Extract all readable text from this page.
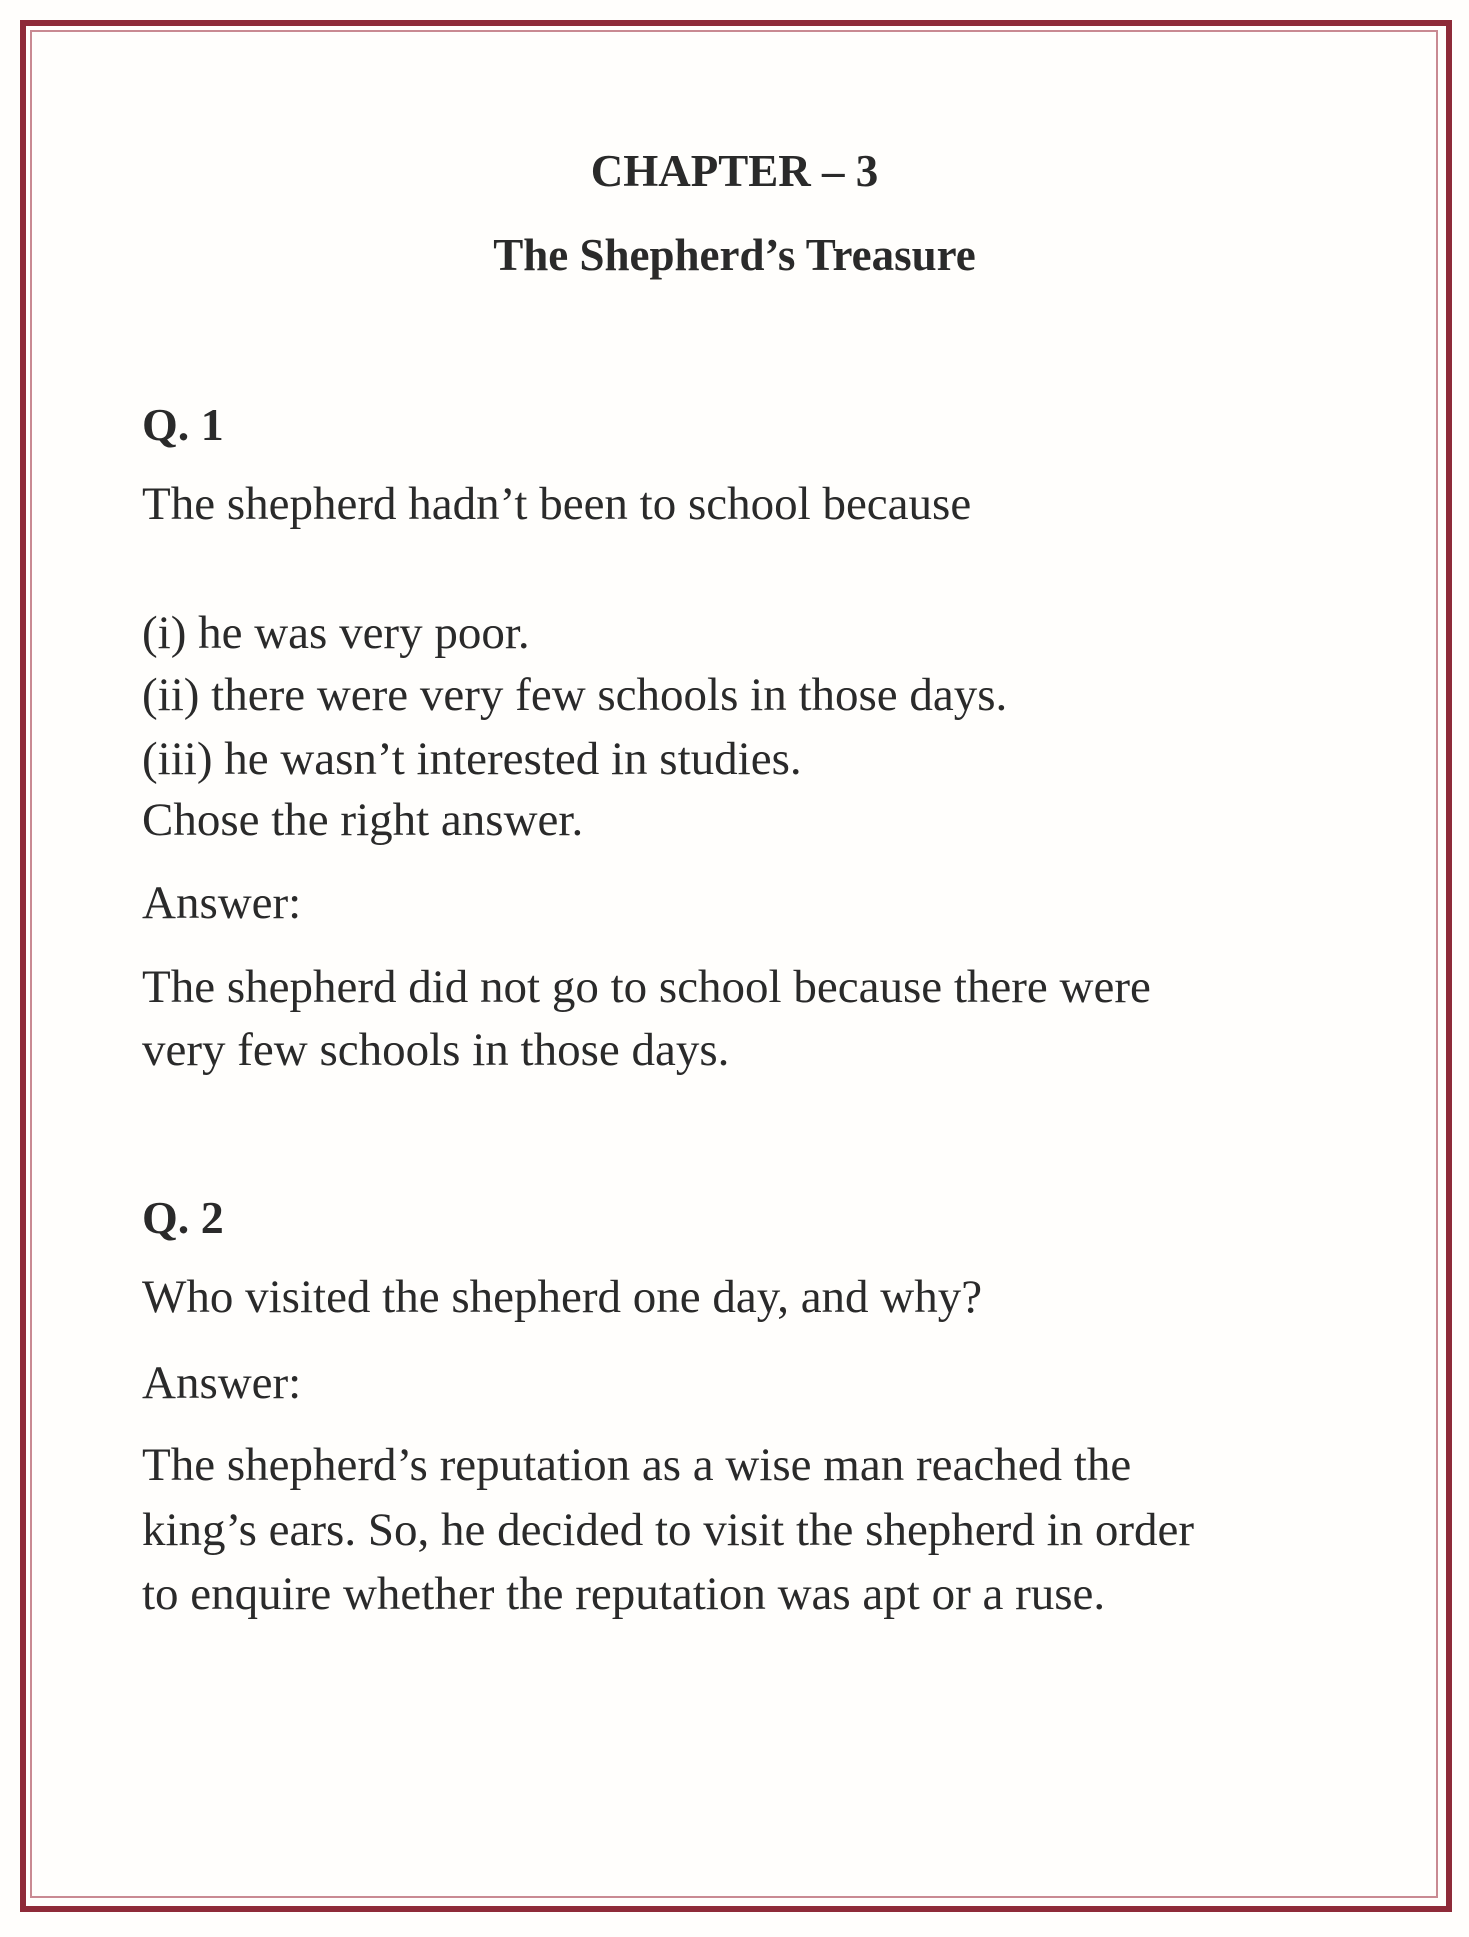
CHAPTER – 3
The Shepherd’s Treasure
Q. 1
The shepherd hadn’t been to school because
(i) he was very poor.
(ii) there were very few schools in those days.
(iii) he wasn’t interested in studies.
Chose the right answer.
Answer:
The shepherd did not go to school because there were
very few schools in those days.
Q. 2
Who visited the shepherd one day, and why?
Answer:
The shepherd’s reputation as a wise man reached the
king’s ears. So, he decided to visit the shepherd in order
to enquire whether the reputation was apt or a ruse.
